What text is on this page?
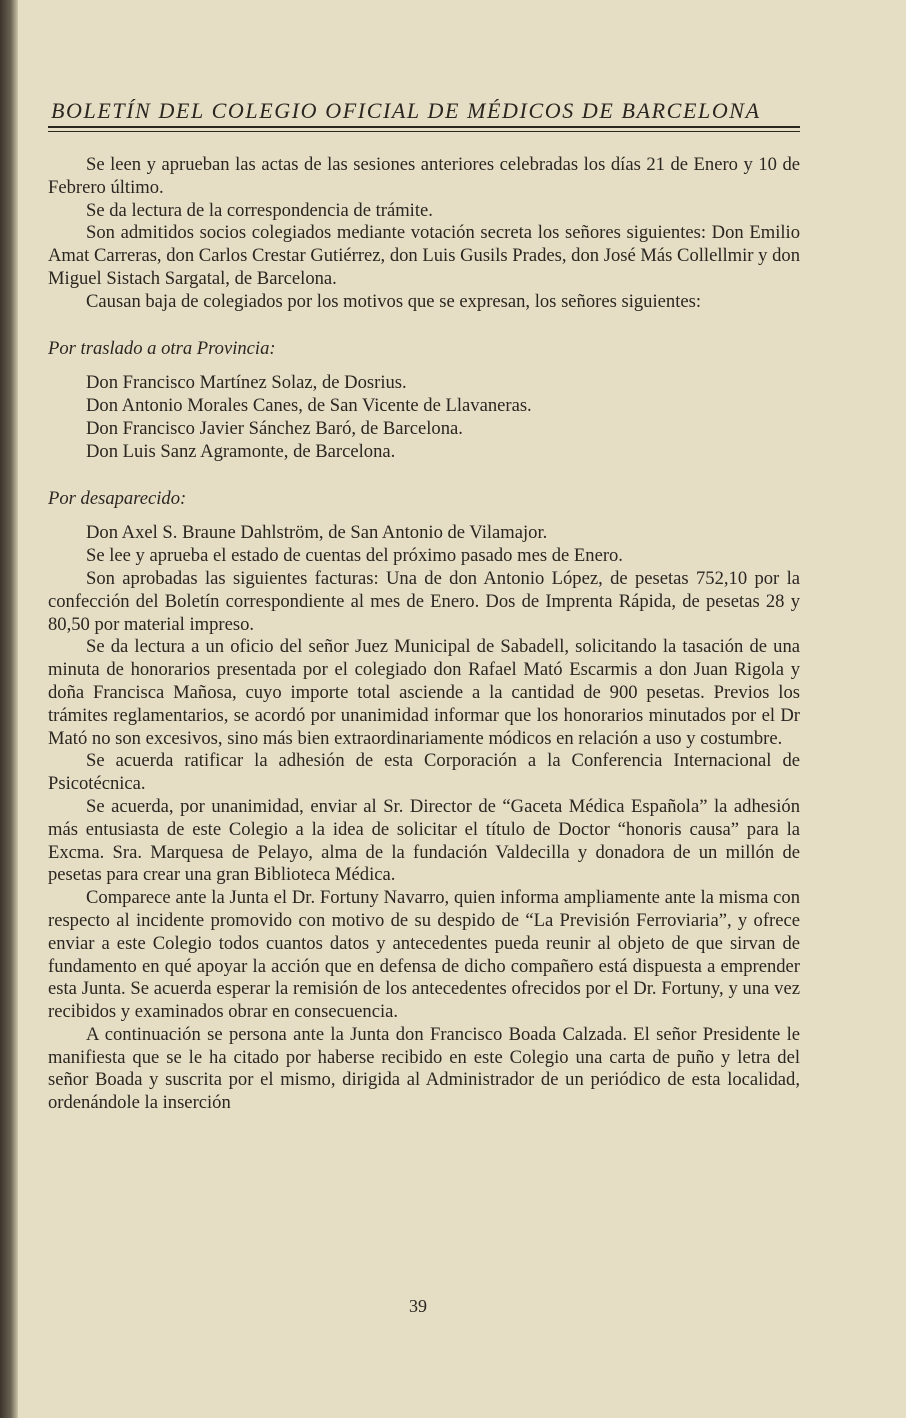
BOLETÍN DEL COLEGIO OFICIAL DE MÉDICOS DE BARCELONA

Se leen y aprueban las actas de las sesiones anteriores celebradas los días 21 de Enero y 10 de Febrero último.

Se da lectura de la correspondencia de trámite.

Son admitidos socios colegiados mediante votación secreta los señores siguientes: Don Emilio Amat Carreras, don Carlos Crestar Gutiérrez, don Luis Gusils Prades, don José Más Collellmir y don Miguel Sistach Sargatal, de Barcelona.

Causan baja de colegiados por los motivos que se expresan, los señores siguientes:

Por traslado a otra Provincia:

Don Francisco Martínez Solaz, de Dosrius.

Don Antonio Morales Canes, de San Vicente de Llavaneras.

Don Francisco Javier Sánchez Baró, de Barcelona.

Don Luis Sanz Agramonte, de Barcelona.

Por desaparecido:

Don Axel S. Braune Dahlström, de San Antonio de Vilamajor.

Se lee y aprueba el estado de cuentas del próximo pasado mes de Enero.

Son aprobadas las siguientes facturas: Una de don Antonio López, de pesetas 752,10 por la confección del Boletín correspondiente al mes de Enero. Dos de Imprenta Rápida, de pesetas 28 y 80,50 por material impreso.

Se da lectura a un oficio del señor Juez Municipal de Sabadell, solicitando la tasación de una minuta de honorarios presentada por el colegiado don Rafael Mató Escarmis a don Juan Rigola y doña Francisca Mañosa, cuyo importe total asciende a la cantidad de 900 pesetas. Previos los trámites reglamentarios, se acordó por unanimidad informar que los honorarios minutados por el Dr Mató no son excesivos, sino más bien extraordinariamente módicos en relación a uso y costumbre.

Se acuerda ratificar la adhesión de esta Corporación a la Conferencia Internacional de Psicotécnica.

Se acuerda, por unanimidad, enviar al Sr. Director de “Gaceta Médica Española” la adhesión más entusiasta de este Colegio a la idea de solicitar el título de Doctor “honoris causa” para la Excma. Sra. Marquesa de Pelayo, alma de la fundación Valdecilla y donadora de un millón de pesetas para crear una gran Biblioteca Médica.

Comparece ante la Junta el Dr. Fortuny Navarro, quien informa ampliamente ante la misma con respecto al incidente promovido con motivo de su despido de “La Previsión Ferroviaria”, y ofrece enviar a este Colegio todos cuantos datos y antecedentes pueda reunir al objeto de que sirvan de fundamento en qué apoyar la acción que en defensa de dicho compañero está dispuesta a emprender esta Junta. Se acuerda esperar la remisión de los antecedentes ofrecidos por el Dr. Fortuny, y una vez recibidos y examinados obrar en consecuencia.

A continuación se persona ante la Junta don Francisco Boada Calzada. El señor Presidente le manifiesta que se le ha citado por haberse recibido en este Colegio una carta de puño y letra del señor Boada y suscrita por el mismo, dirigida al Administrador de un periódico de esta localidad, ordenándole la inserción

39
